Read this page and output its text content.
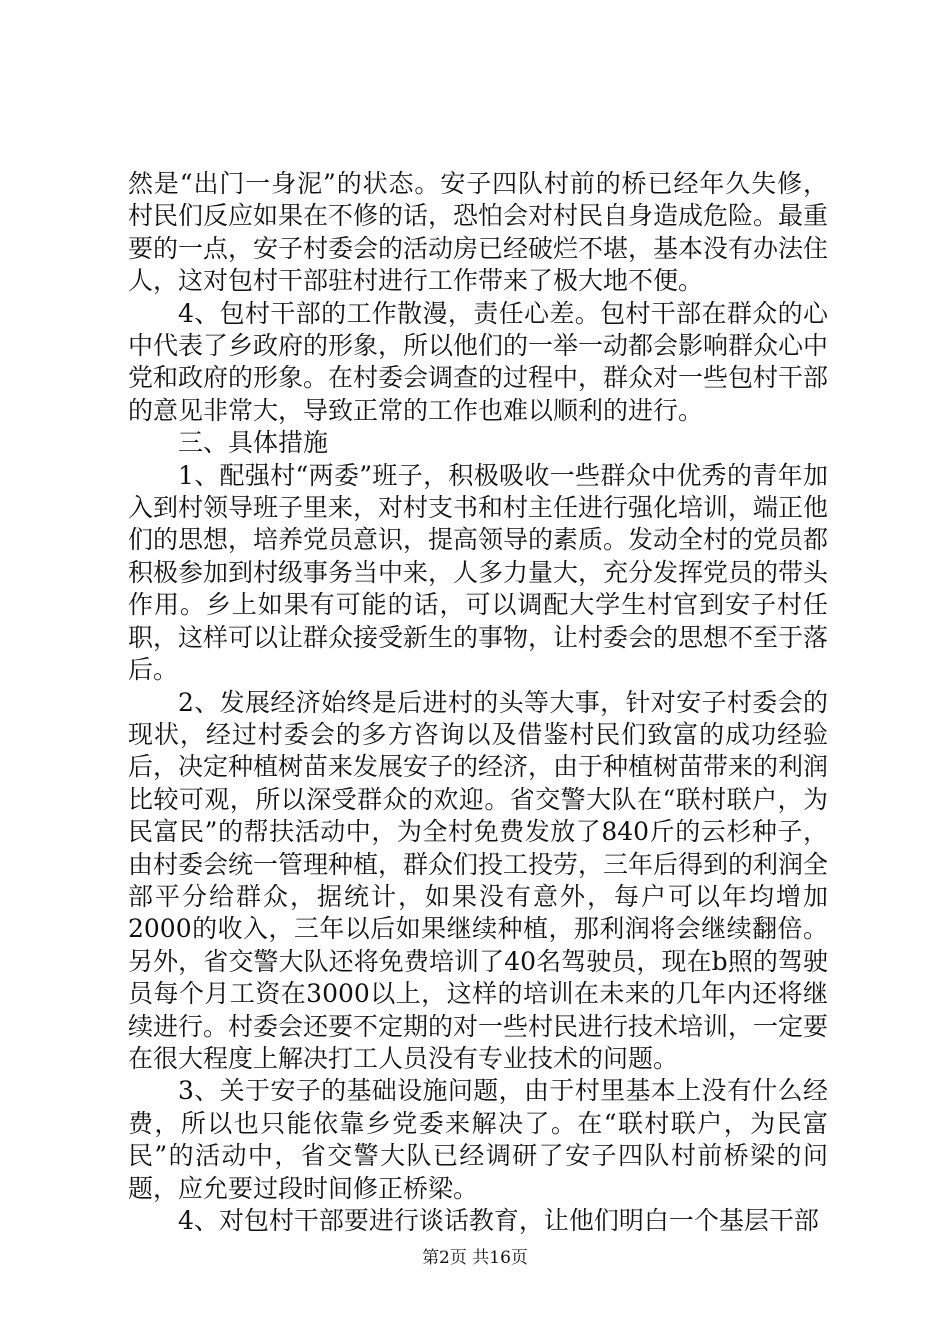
然是“出门一身泥”的状态。安子四队村前的桥已经年久失修，村民们反应如果在不修的话，恐怕会对村民自身造成危险。最重要的一点，安子村委会的活动房已经破烂不堪，基本没有办法住人，这对包村干部驻村进行工作带来了极大地不便。

4、包村干部的工作散漫，责任心差。包村干部在群众的心中代表了乡政府的形象，所以他们的一举一动都会影响群众心中党和政府的形象。在村委会调查的过程中，群众对一些包村干部的意见非常大，导致正常的工作也难以顺利的进行。

三、具体措施

1、配强村“两委”班子，积极吸收一些群众中优秀的青年加入到村领导班子里来，对村支书和村主任进行强化培训，端正他们的思想，培养党员意识，提高领导的素质。发动全村的党员都积极参加到村级事务当中来，人多力量大，充分发挥党员的带头作用。乡上如果有可能的话，可以调配大学生村官到安子村任职，这样可以让群众接受新生的事物，让村委会的思想不至于落后。

2、发展经济始终是后进村的头等大事，针对安子村委会的现状，经过村委会的多方咨询以及借鉴村民们致富的成功经验后，决定种植树苗来发展安子的经济，由于种植树苗带来的利润比较可观，所以深受群众的欢迎。省交警大队在“联村联户，为民富民”的帮扶活动中，为全村免费发放了840斤的云杉种子，由村委会统一管理种植，群众们投工投劳，三年后得到的利润全部平分给群众，据统计，如果没有意外，每户可以年均增加2000的收入，三年以后如果继续种植，那利润将会继续翻倍。另外，省交警大队还将免费培训了40名驾驶员，现在b照的驾驶员每个月工资在3000以上，这样的培训在未来的几年内还将继续进行。村委会还要不定期的对一些村民进行技术培训，一定要在很大程度上解决打工人员没有专业技术的问题。

3、关于安子的基础设施问题，由于村里基本上没有什么经费，所以也只能依靠乡党委来解决了。在“联村联户，为民富民”的活动中，省交警大队已经调研了安子四队村前桥梁的问题，应允要过段时间修正桥梁。

4、对包村干部要进行谈话教育，让他们明白一个基层干部

第2页 共16页
